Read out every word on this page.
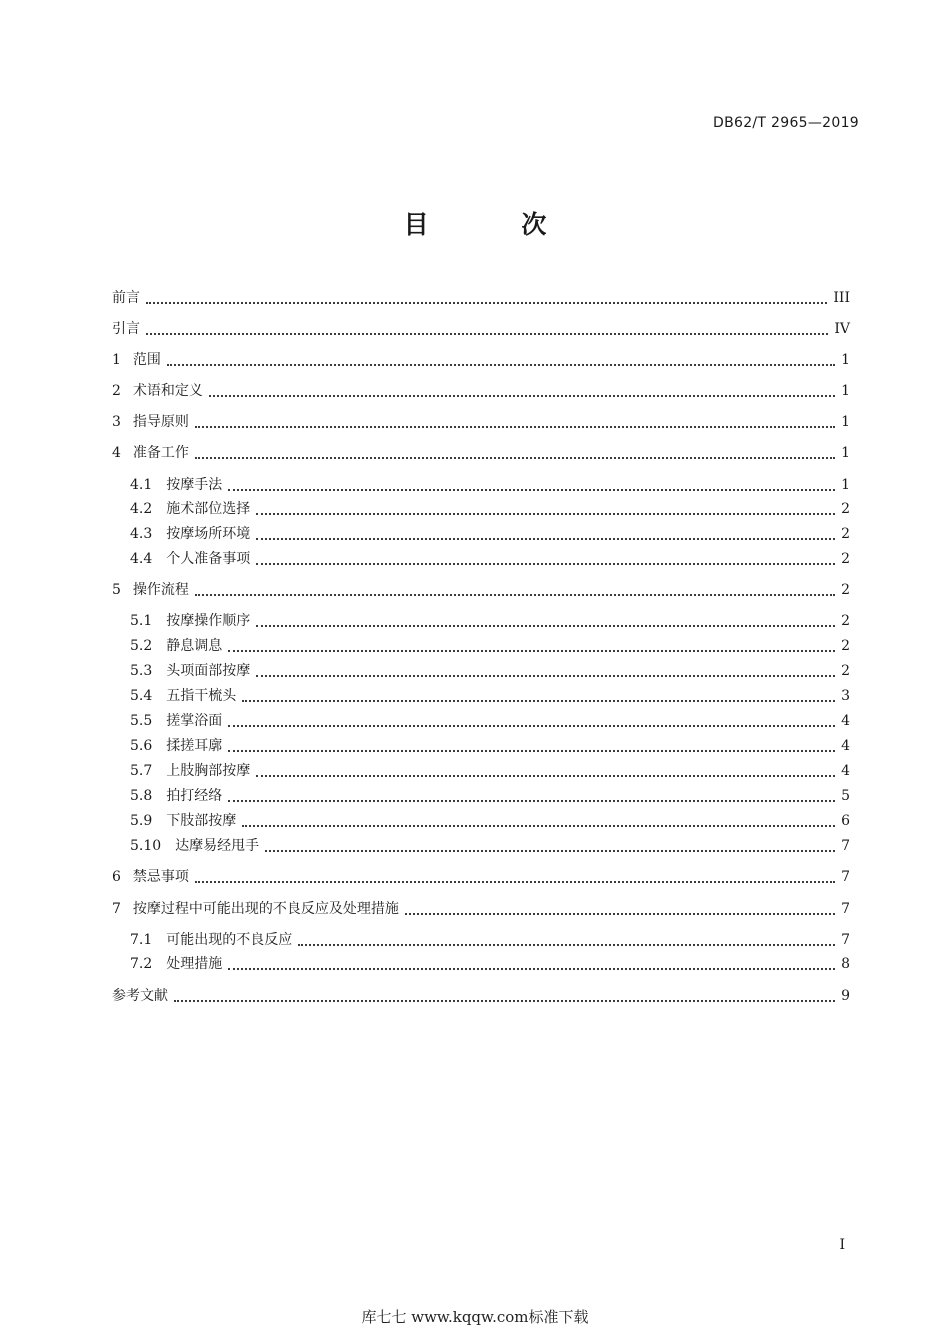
DB62/T 2965—2019
目 次
前言	III
引言	IV
1 范围	1
2 术语和定义	1
3 指导原则	1
4 准备工作	1
4.1	按摩手法	1
4.2	施术部位选择	2
4.3	按摩场所环境	2
4.4	个人准备事项	2
5 操作流程	2
5.1	按摩操作顺序	2
5.2	静息调息	2
5.3	头项面部按摩	2
5.4	五指干梳头	3
5.5	搓掌浴面	4
5.6	揉搓耳廓	4
5.7	上肢胸部按摩	4
5.8	拍打经络	5
5.9	下肢部按摩	6
5.10	达摩易经甩手	7
6 禁忌事项	7
7 按摩过程中可能出现的不良反应及处理措施	7
7.1	可能出现的不良反应	7
7.2	处理措施	8
参考文献	9
I
库七七 www.kqqw.com标准下载
